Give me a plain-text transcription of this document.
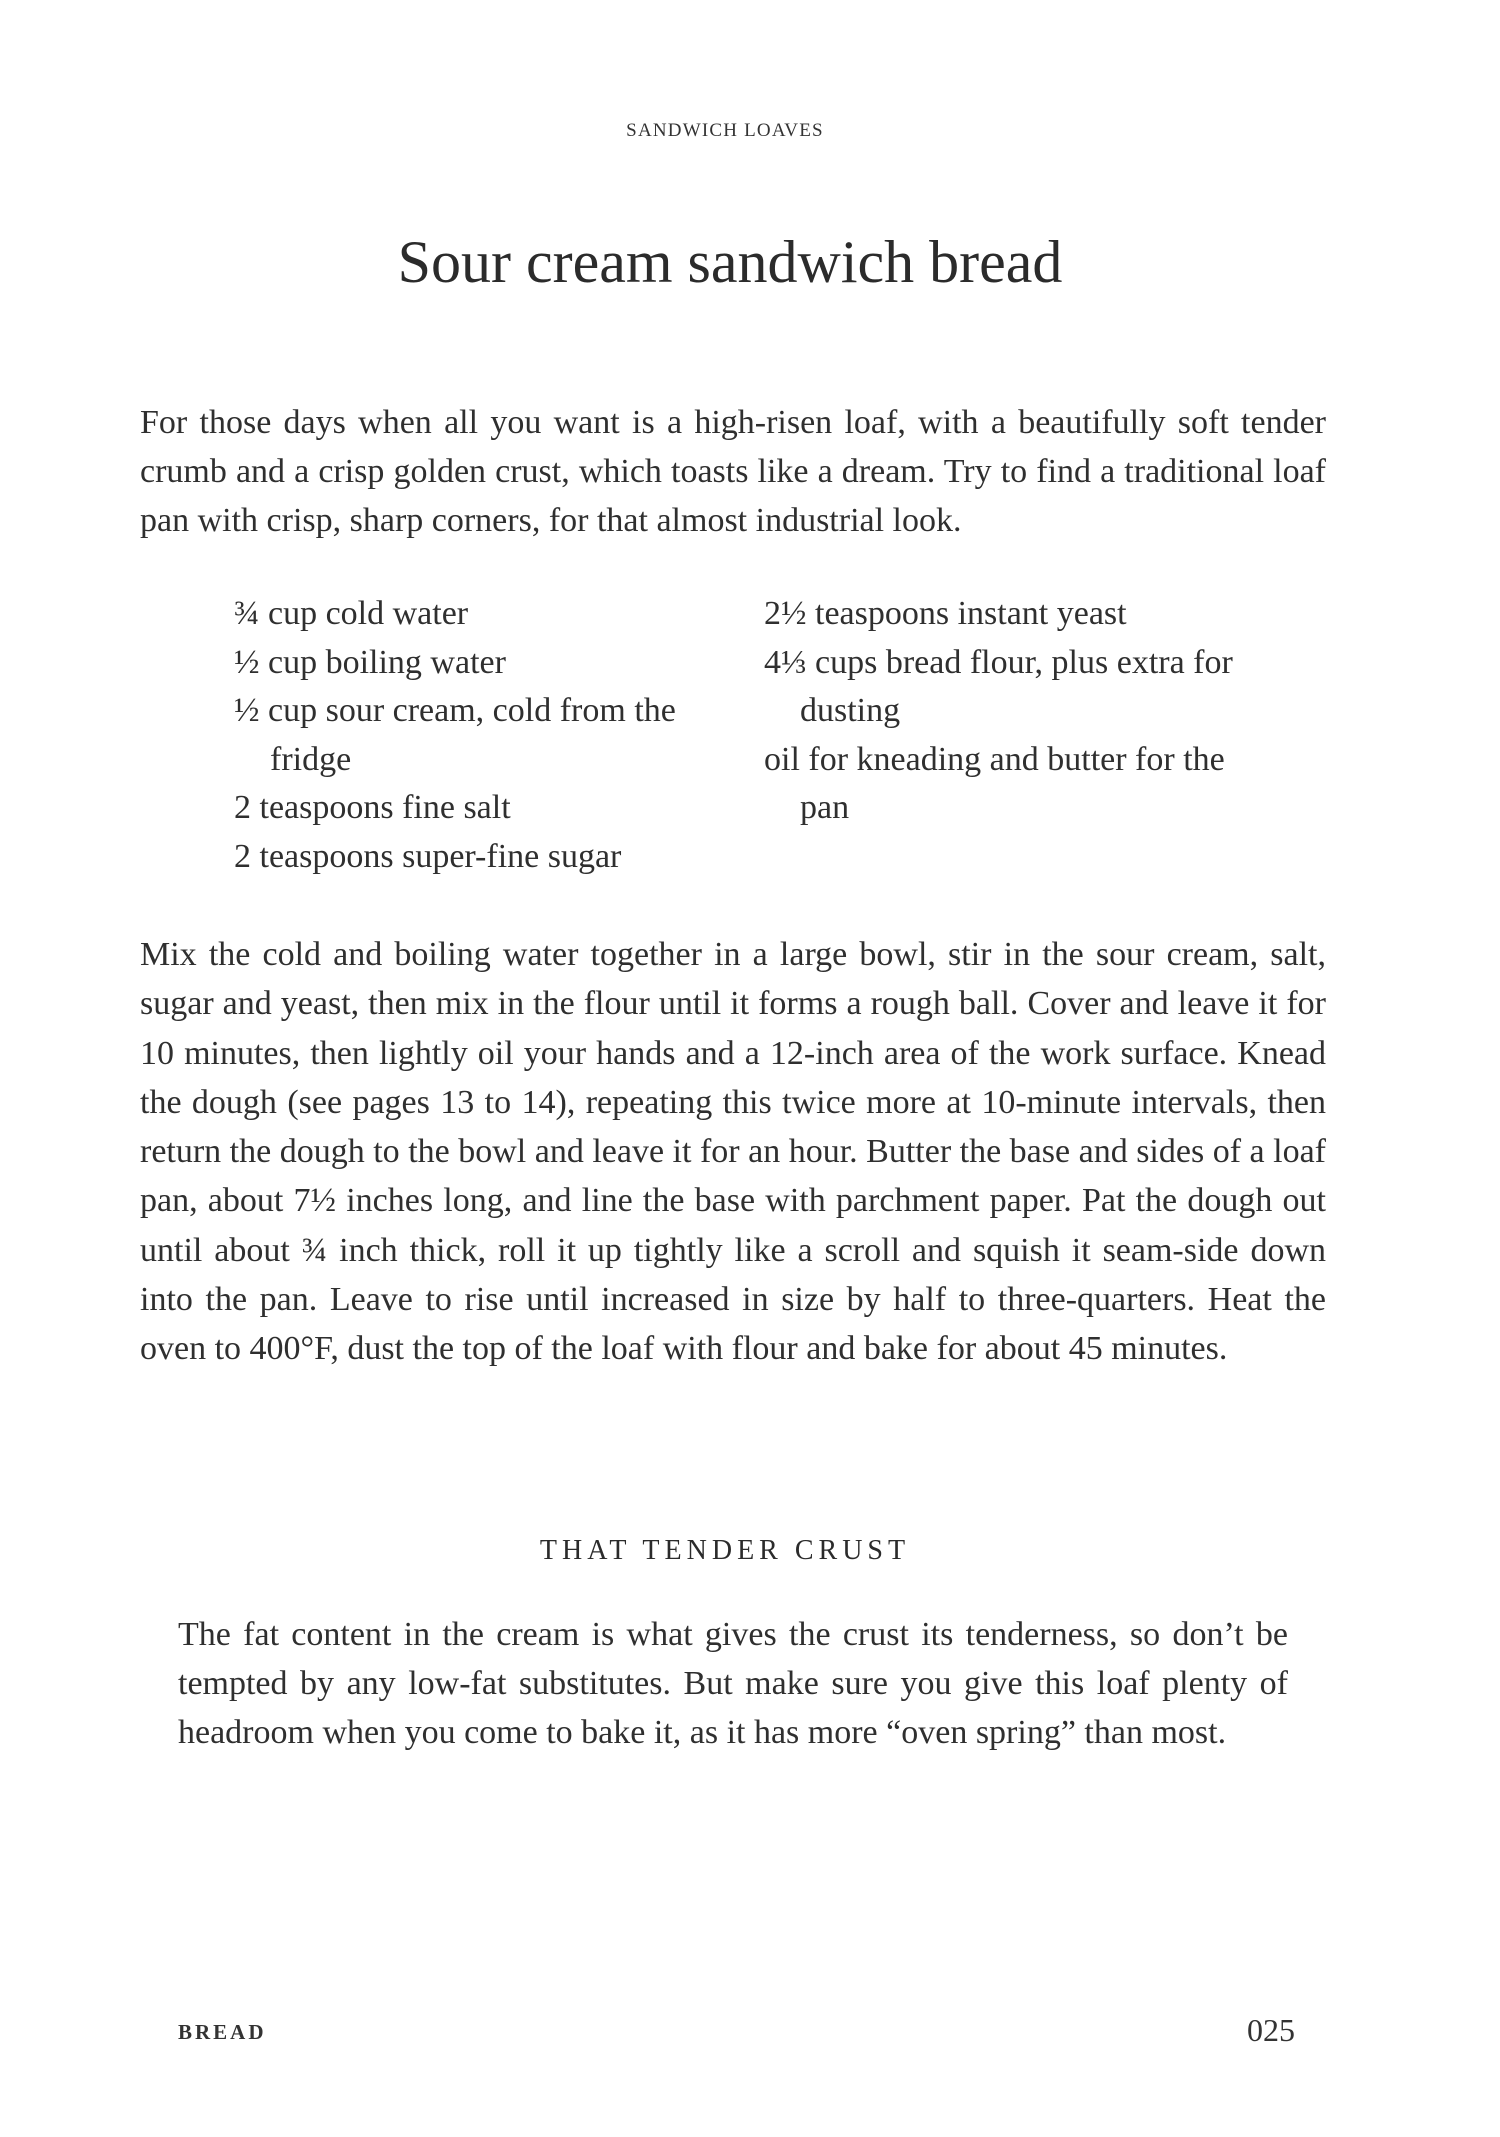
SANDWICH LOAVES
Sour cream sandwich bread

For those days when all you want is a high-risen loaf, with a beautifully soft tender crumb and a crisp golden crust, which toasts like a dream. Try to find a traditional loaf pan with crisp, sharp corners, for that almost industrial look.

¾ cup cold water
½ cup boiling water
½ cup sour cream, cold from the fridge
2 teaspoons fine salt
2 teaspoons super-fine sugar
2½ teaspoons instant yeast
4⅓ cups bread flour, plus extra for dusting
oil for kneading and butter for the pan

Mix the cold and boiling water together in a large bowl, stir in the sour cream, salt, sugar and yeast, then mix in the flour until it forms a rough ball. Cover and leave it for 10 minutes, then lightly oil your hands and a 12-inch area of the work surface. Knead the dough (see pages 13 to 14), repeating this twice more at 10-minute intervals, then return the dough to the bowl and leave it for an hour. Butter the base and sides of a loaf pan, about 7½ inches long, and line the base with parchment paper. Pat the dough out until about ¾ inch thick, roll it up tightly like a scroll and squish it seam-side down into the pan. Leave to rise until increased in size by half to three-quarters. Heat the oven to 400°F, dust the top of the loaf with flour and bake for about 45 minutes.

THAT TENDER CRUST

The fat content in the cream is what gives the crust its tenderness, so don’t be tempted by any low-fat substitutes. But make sure you give this loaf plenty of headroom when you come to bake it, as it has more “oven spring” than most.

BREAD	025
